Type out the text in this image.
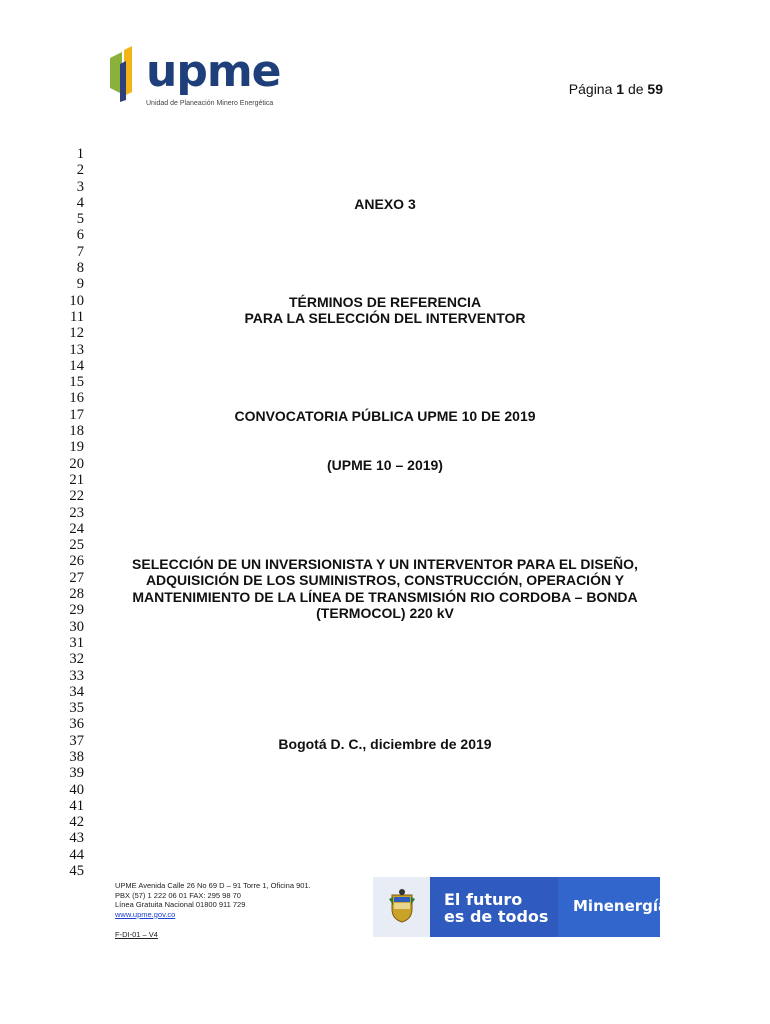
upme
Unidad de Planeación Minero Energética
Página 1 de 59
1
2
3
4
5
6
7
8
9
10
11
12
13
14
15
16
17
18
19
20
21
22
23
24
25
26
27
28
29
30
31
32
33
34
35
36
37
38
39
40
41
42
43
44
45
ANEXO 3
TÉRMINOS DE REFERENCIA
PARA LA SELECCIÓN DEL INTERVENTOR
CONVOCATORIA PÚBLICA UPME 10 DE 2019
(UPME 10 – 2019)
SELECCIÓN DE UN INVERSIONISTA Y UN INTERVENTOR PARA EL DISEÑO,
ADQUISICIÓN DE LOS SUMINISTROS, CONSTRUCCIÓN, OPERACIÓN Y
MANTENIMIENTO DE LA LÍNEA DE TRANSMISIÓN RIO CORDOBA – BONDA
(TERMOCOL) 220 kV
Bogotá D. C., diciembre de 2019
UPME Avenida Calle 26 No 69 D – 91 Torre 1, Oficina 901.
PBX (57) 1 222 06 01 FAX: 295 98 70
Línea Gratuita Nacional 01800 911 729
www.upme.gov.co
F-DI-01 – V4
El futuro
es de todos
Minenergía
